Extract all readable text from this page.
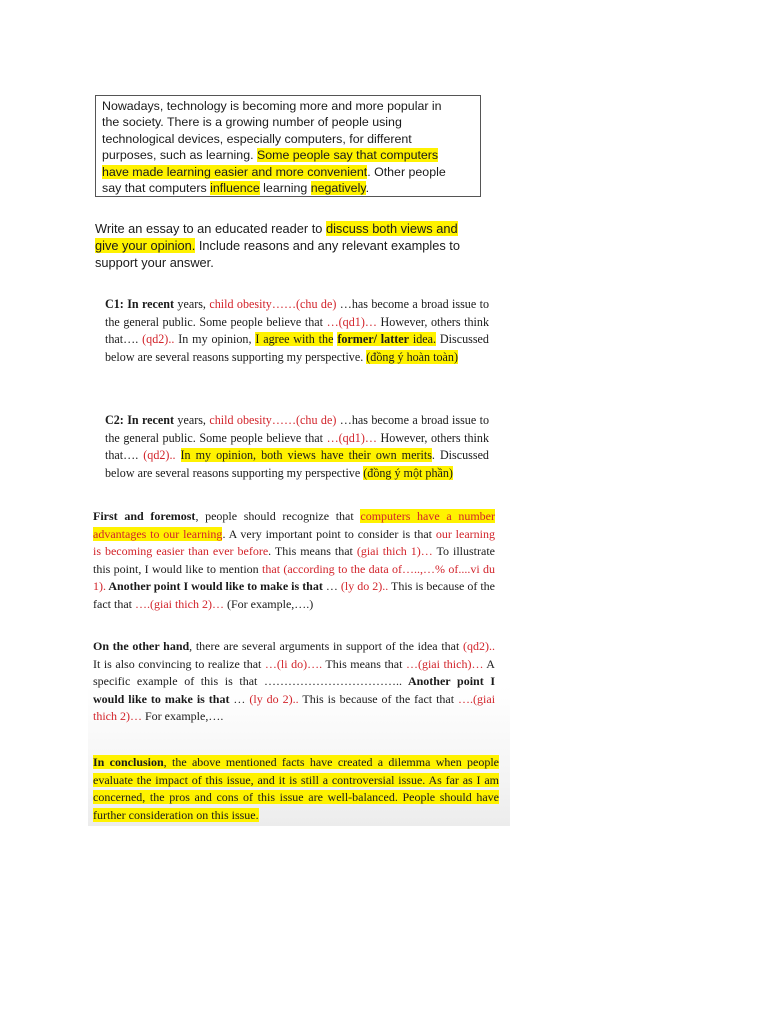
Nowadays, technology is becoming more and more popular in
the society. There is a growing number of people using
technological devices, especially computers, for different
purposes, such as learning. Some people say that computers
have made learning easier and more convenient. Other people
say that computers influence learning negatively.
Write an essay to an educated reader to discuss both views and
give your opinion. Include reasons and any relevant examples to
support your answer.
C1: In recent years, child obesity……(chu de) …has become a broad issue to the general public. Some people believe that …(qd1)… However, others think that…. (qd2).. In my opinion, I agree with the former/ latter idea. Discussed below are several reasons supporting my perspective. (đồng ý hoàn toàn)
C2: In recent years, child obesity……(chu de) …has become a broad issue to the general public. Some people believe that …(qd1)… However, others think that…. (qd2).. In my opinion, both views have their own merits. Discussed below are several reasons supporting my perspective (đồng ý một phần)
First and foremost, people should recognize that computers have a number advantages to our learning. A very important point to consider is that our learning is becoming easier than ever before. This means that (giai thich 1)… To illustrate this point, I would like to mention that (according to the data of…..,…% of....vi du 1). Another point I would like to make is that … (ly do 2).. This is because of the fact that ….(giai thich 2)… (For example,….)
On the other hand, there are several arguments in support of the idea that (qd2).. It is also convincing to realize that …(li do)…. This means that …(giai thich)… A specific example of this is that …………………………….. Another point I would like to make is that … (ly do 2).. This is because of the fact that ….(giai thich 2)… For example,….
In conclusion, the above mentioned facts have created a dilemma when people evaluate the impact of this issue, and it is still a controversial issue. As far as I am concerned, the pros and cons of this issue are well-balanced. People should have further consideration on this issue.
